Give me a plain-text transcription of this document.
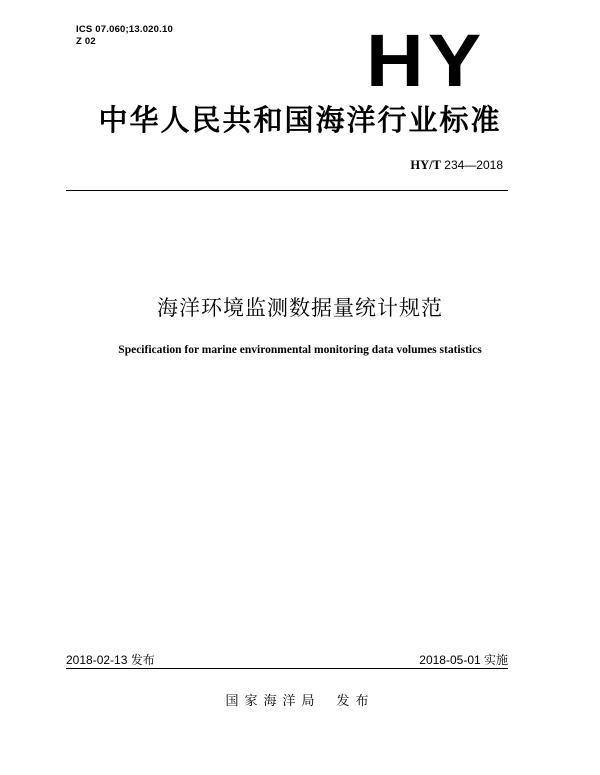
ICS 07.060;13.020.10
Z 02	HY
中华人民共和国海洋行业标准
HY/T 234—2018
海洋环境监测数据量统计规范
Specification for marine environmental monitoring data volumes statistics
2018-02-13 发布	2018-05-01 实施
国家海洋局 发布
